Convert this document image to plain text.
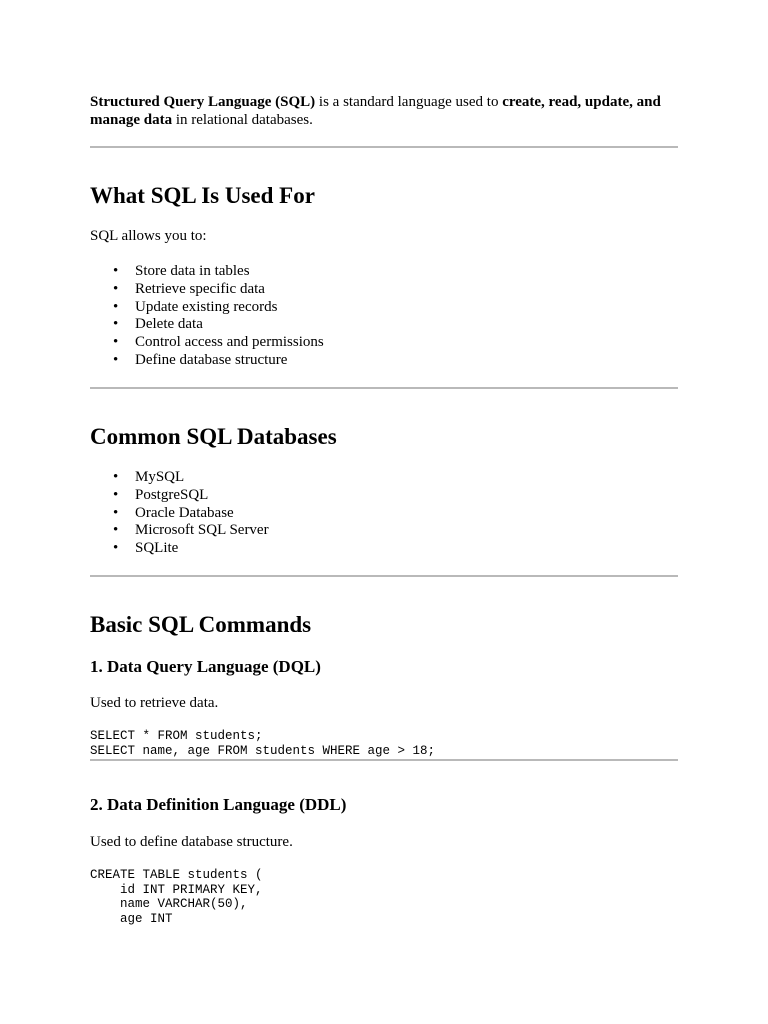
Structured Query Language (SQL) is a standard language used to create, read, update, and manage data in relational databases.

What SQL Is Used For

SQL allows you to:

• Store data in tables
• Retrieve specific data
• Update existing records
• Delete data
• Control access and permissions
• Define database structure
Common SQL Databases
• MySQL
• PostgreSQL
• Oracle Database
• Microsoft SQL Server
• SQLite
Basic SQL Commands
1. Data Query Language (DQL)

Used to retrieve data.

SELECT * FROM students;
SELECT name, age FROM students WHERE age > 18;
2. Data Definition Language (DDL)

Used to define database structure.

CREATE TABLE students (
id INT PRIMARY KEY,
name VARCHAR(50),
age INT
